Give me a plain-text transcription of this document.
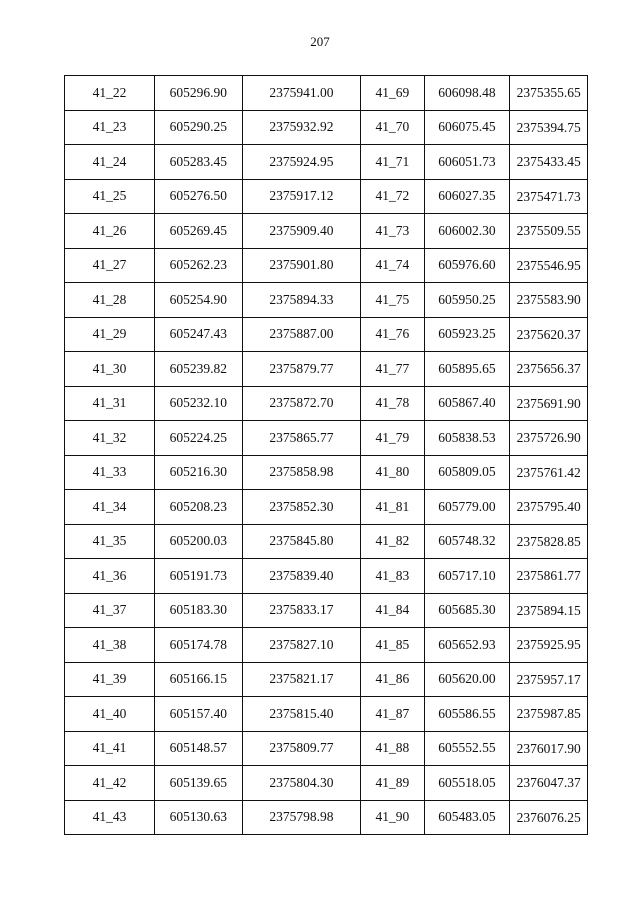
207
41_22	605296.90	2375941.00	41_69	606098.48	2375355.65
41_23	605290.25	2375932.92	41_70	606075.45	2375394.75
41_24	605283.45	2375924.95	41_71	606051.73	2375433.45
41_25	605276.50	2375917.12	41_72	606027.35	2375471.73
41_26	605269.45	2375909.40	41_73	606002.30	2375509.55
41_27	605262.23	2375901.80	41_74	605976.60	2375546.95
41_28	605254.90	2375894.33	41_75	605950.25	2375583.90
41_29	605247.43	2375887.00	41_76	605923.25	2375620.37
41_30	605239.82	2375879.77	41_77	605895.65	2375656.37
41_31	605232.10	2375872.70	41_78	605867.40	2375691.90
41_32	605224.25	2375865.77	41_79	605838.53	2375726.90
41_33	605216.30	2375858.98	41_80	605809.05	2375761.42
41_34	605208.23	2375852.30	41_81	605779.00	2375795.40
41_35	605200.03	2375845.80	41_82	605748.32	2375828.85
41_36	605191.73	2375839.40	41_83	605717.10	2375861.77
41_37	605183.30	2375833.17	41_84	605685.30	2375894.15
41_38	605174.78	2375827.10	41_85	605652.93	2375925.95
41_39	605166.15	2375821.17	41_86	605620.00	2375957.17
41_40	605157.40	2375815.40	41_87	605586.55	2375987.85
41_41	605148.57	2375809.77	41_88	605552.55	2376017.90
41_42	605139.65	2375804.30	41_89	605518.05	2376047.37
41_43	605130.63	2375798.98	41_90	605483.05	2376076.25
